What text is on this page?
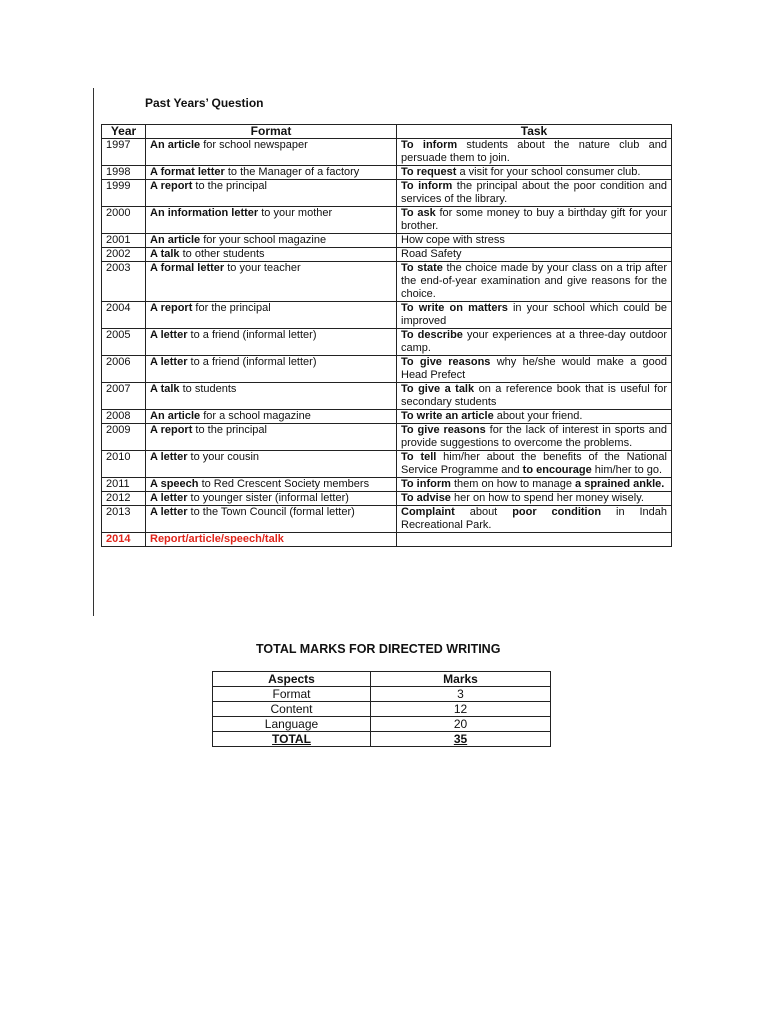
Past Years’ Question
Year	Format	Task
1997	An article for school newspaper	To inform students about the nature club and persuade them to join.
1998	A format letter to the Manager of a factory	To request a visit for your school consumer club.
1999	A report to the principal	To inform the principal about the poor condition and services of the library.
2000	An information letter to your mother	To ask for some money to buy a birthday gift for your brother.
2001	An article for your school magazine	How cope with stress
2002	A talk to other students	Road Safety
2003	A formal letter to your teacher	To state the choice made by your class on a trip after the end-of-year examination and give reasons for the choice.
2004	A report for the principal	To write on matters in your school which could be improved
2005	A letter to a friend (informal letter)	To describe your experiences at a three-day outdoor camp.
2006	A letter to a friend (informal letter)	To give reasons why he/she would make a good Head Prefect
2007	A talk to students	To give a talk on a reference book that is useful for secondary students
2008	An article for a school magazine	To write an article about your friend.
2009	A report to the principal	To give reasons for the lack of interest in sports and provide suggestions to overcome the problems.
2010	A letter to your cousin	To tell him/her about the benefits of the National Service Programme and to encourage him/her to go.
2011	A speech to Red Crescent Society members	To inform them on how to manage a sprained ankle.
2012	A letter to younger sister (informal letter)	To advise her on how to spend her money wisely.
2013	A letter to the Town Council (formal letter)	Complaint about poor condition in Indah Recreational Park.
2014	Report/article/speech/talk	
TOTAL MARKS FOR DIRECTED WRITING
Aspects	Marks
Format	3
Content	12
Language	20
TOTAL	35
